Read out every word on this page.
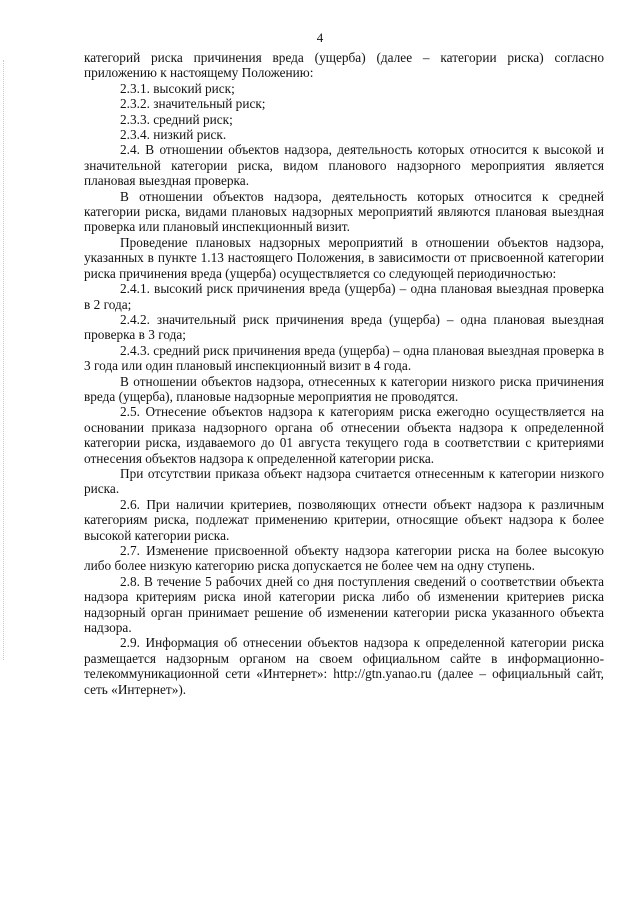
4

категорий риска причинения вреда (ущерба) (далее – категории риска) согласно приложению к настоящему Положению:

2.3.1. высокий риск;

2.3.2. значительный риск;

2.3.3. средний риск;

2.3.4. низкий риск.

2.4. В отношении объектов надзора, деятельность которых относится к высокой и значительной категории риска, видом планового надзорного мероприятия является плановая выездная проверка.

В отношении объектов надзора, деятельность которых относится к средней категории риска, видами плановых надзорных мероприятий являются плановая выездная проверка или плановый инспекционный визит.

Проведение плановых надзорных мероприятий в отношении объектов надзора, указанных в пункте 1.13 настоящего Положения, в зависимости от присвоенной категории риска причинения вреда (ущерба) осуществляется со следующей периодичностью:

2.4.1. высокий риск причинения вреда (ущерба) – одна плановая выездная проверка в 2 года;

2.4.2. значительный риск причинения вреда (ущерба) – одна плановая выездная проверка в 3 года;

2.4.3. средний риск причинения вреда (ущерба) – одна плановая выездная проверка в 3 года или один плановый инспекционный визит в 4 года.

В отношении объектов надзора, отнесенных к категории низкого риска причинения вреда (ущерба), плановые надзорные мероприятия не проводятся.

2.5. Отнесение объектов надзора к категориям риска ежегодно осуществляется на основании приказа надзорного органа об отнесении объекта надзора к определенной категории риска, издаваемого до 01 августа текущего года в соответствии с критериями отнесения объектов надзора к определенной категории риска.

При отсутствии приказа объект надзора считается отнесенным к категории низкого риска.

2.6. При наличии критериев, позволяющих отнести объект надзора к различным категориям риска, подлежат применению критерии, относящие объект надзора к более высокой категории риска.

2.7. Изменение присвоенной объекту надзора категории риска на более высокую либо более низкую категорию риска допускается не более чем на одну ступень.

2.8. В течение 5 рабочих дней со дня поступления сведений о соответствии объекта надзора критериям риска иной категории риска либо об изменении критериев риска надзорный орган принимает решение об изменении категории риска указанного объекта надзора.

2.9. Информация об отнесении объектов надзора к определенной категории риска размещается надзорным органом на своем официальном сайте в информационно-телекоммуникационной сети «Интернет»: http://gtn.yanao.ru (далее – официальный сайт, сеть «Интернет»).
